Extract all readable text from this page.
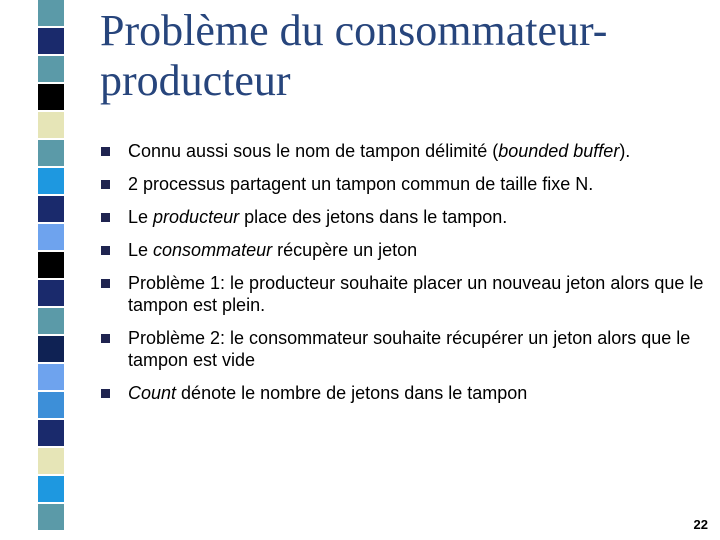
Problème du consommateur-producteur
Connu aussi sous le nom de tampon délimité (bounded buffer).
2 processus partagent un tampon commun de taille fixe N.
Le producteur place des jetons dans le tampon.
Le consommateur récupère un jeton
Problème 1: le producteur souhaite placer un nouveau jeton alors que le tampon est plein.
Problème 2: le consommateur souhaite récupérer un jeton alors que le tampon est vide
Count dénote le nombre de jetons dans le tampon
22
